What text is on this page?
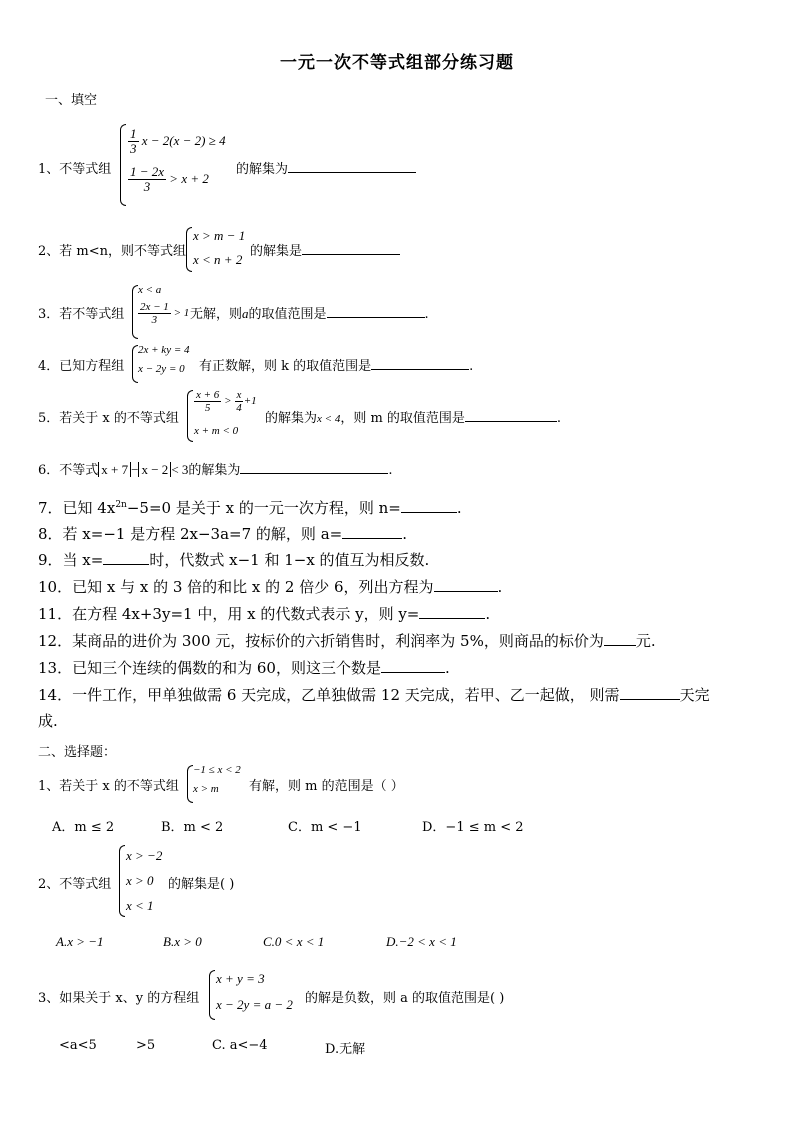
一元一次不等式组部分练习题
一、填空
1、不等式组
$\frac{1}{3}$ x − 2(x − 2) ≥ 4
$\frac{1 - 2x}{3} > x + 2$
的解集为
2、若 m<n，则不等式组
x > m − 1
x < n + 2
的解集是
3．若不等式组
x < a
$\frac{2x - 1}{3} > 1$ 无解，则a的取值范围是	.
4．已知方程组
2x + ky = 4
x − 2y = 0 有正数解，则 k 的取值范围是	.
5．若关于 x 的不等式组
$\frac{x + 6}{5} > \frac{x}{4} +1$
x + m < 0
的解集为x < 4，则 m 的取值范围是	.
6．不等式 x + 7 − x − 2 < 3的解集为	.
7．已知 $4x^{2n}-5=0$ 是关于 x 的一元一次方程，则 n=	.
8．若 x=−1 是方程 2x−3a=7 的解，则 a=	.
9．当 x=	时，代数式 x−1 和 1−x 的值互为相反数.
10．已知 x 与 x 的 3 倍的和比 x 的 2 倍少 6，列出方程为	.
11．在方程 4x+3y=1 中，用 x 的代数式表示 y，则 y=	.
12．某商品的进价为 300 元，按标价的六折销售时，利润率为 5%，则商品的标价为 元.
13．已知三个连续的偶数的和为 60，则这三个数是	.
14．一件工作，甲单独做需 6 天完成，乙单独做需 12 天完成，若甲、乙一起做， 则需	天完
成.
二、选择题：
1、若关于 x 的不等式组
−1 ≤ x < 2
x > m 有解，则 m 的范围是（ ）
A．m ≤ 2	B．m < 2	C．m < −1	D．−1 ≤ m < 2
2、不等式组
x > −2
x > 0
x < 1
的解集是( )
A.x > −1	B.x > 0	C.0 < x < 1	D.−2 < x < 1
3、如果关于 x、y 的方程组
x + y = 3
x − 2y = a − 2 的解是负数，则 a 的取值范围是( )
<a<5	>5	C. a<−4	D.无解
